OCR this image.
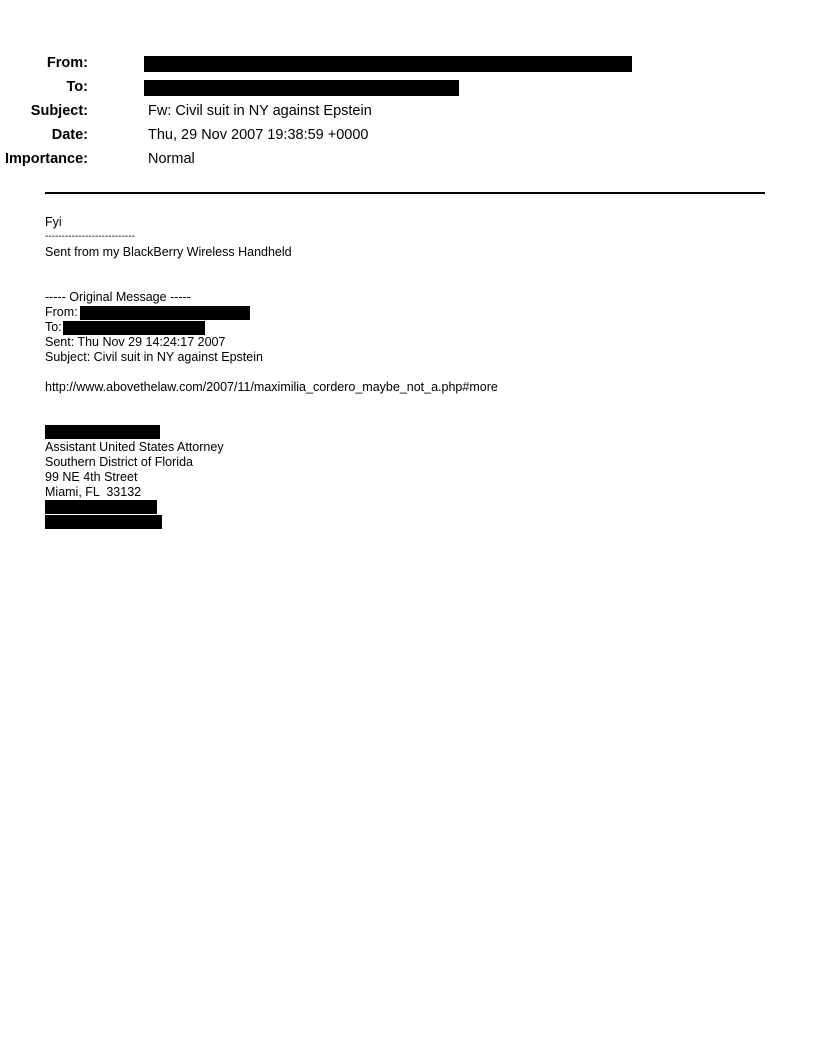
From:
To:
Subject:	Fw: Civil suit in NY against Epstein
Date:	Thu, 29 Nov 2007 19:38:59 +0000
Importance:	Normal
Fyi
---------------------------
Sent from my BlackBerry Wireless Handheld
----- Original Message -----
From:
To:
Sent: Thu Nov 29 14:24:17 2007
Subject: Civil suit in NY against Epstein
http://www.abovethelaw.com/2007/11/maximilia_cordero_maybe_not_a.php#more
Assistant United States Attorney
Southern District of Florida
99 NE 4th Street
Miami, FL  33132
